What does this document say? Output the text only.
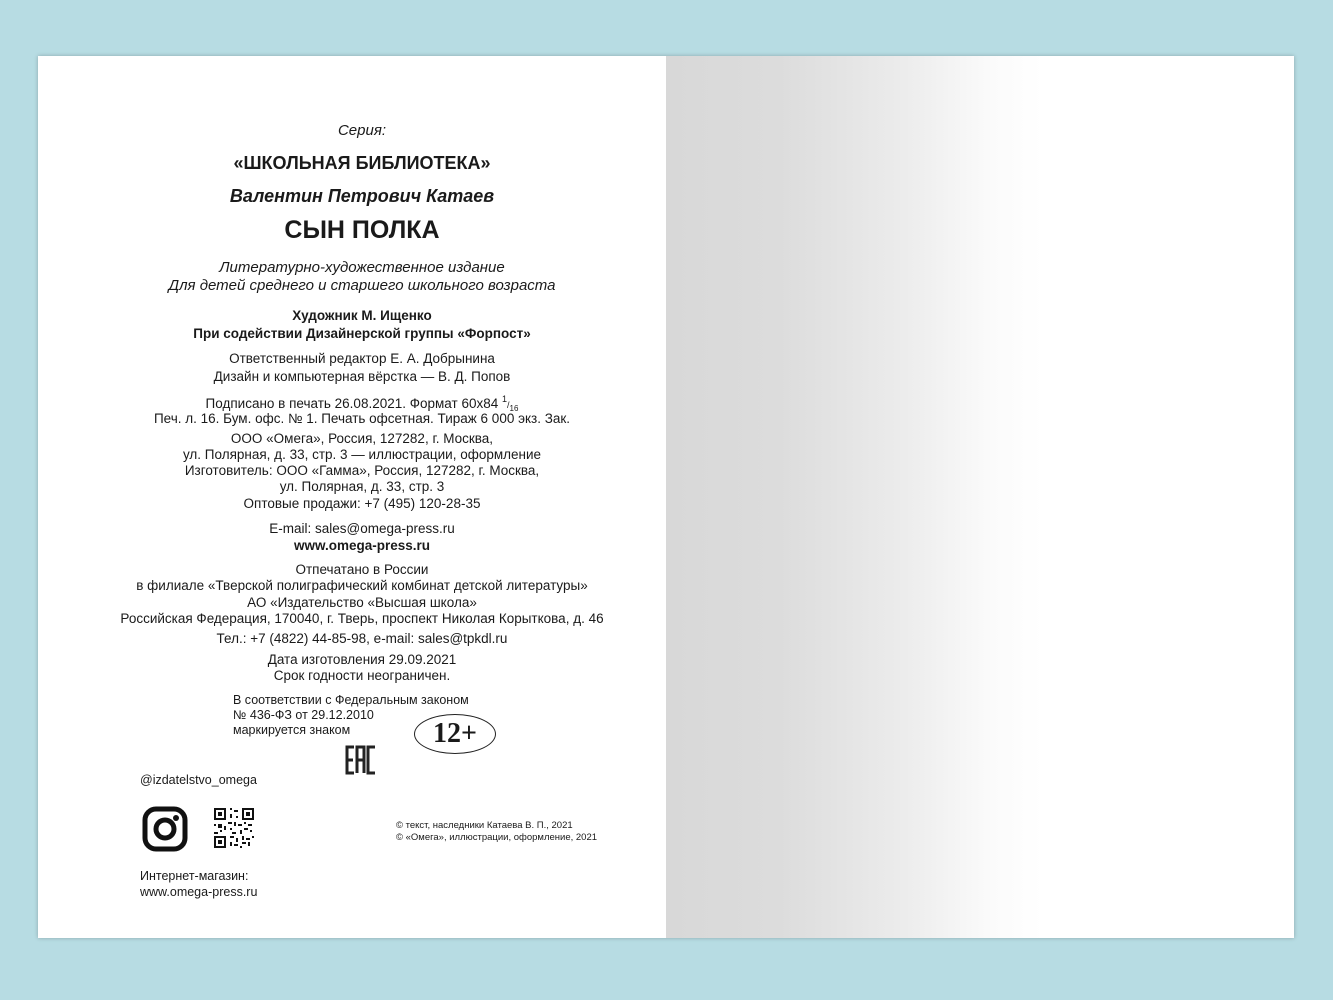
Серия:
«ШКОЛЬНАЯ БИБЛИОТЕКА»
Валентин Петрович Катаев
СЫН ПОЛКА
Литературно-художественное издание
Для детей среднего и старшего школьного возраста
Художник М. Ищенко
При содействии Дизайнерской группы «Форпост»
Ответственный редактор Е. А. Добрынина
Дизайн и компьютерная вёрстка — В. Д. Попов
Подписано в печать 26.08.2021. Формат 60x84 $^1/_{16}$
Печ. л. 16. Бум. офс. № 1. Печать офсетная. Тираж 6 000 экз. Зак.
ООО «Омега», Россия, 127282, г. Москва,
ул. Полярная, д. 33, стр. 3 — иллюстрации, оформление
Изготовитель: ООО «Гамма», Россия, 127282, г. Москва,
ул. Полярная, д. 33, стр. 3
Оптовые продажи: +7 (495) 120-28-35
E-mail: sales@omega-press.ru
www.omega-press.ru
Отпечатано в России
в филиале «Тверской полиграфический комбинат детской литературы»
АО «Издательство «Высшая школа»
Российская Федерация, 170040, г. Тверь, проспект Николая Корыткова, д. 46
Тел.: +7 (4822) 44-85-98, e-mail: sales@tpkdl.ru
Дата изготовления 29.09.2021
Срок годности неограничен.
В соответствии с Федеральным законом
№ 436-ФЗ от 29.12.2010
маркируется знаком	12+
@izdatelstvo_omega
© текст, наследники Катаева В. П., 2021
© «Омега», иллюстрации, оформление, 2021
Интернет-магазин:
www.omega-press.ru
